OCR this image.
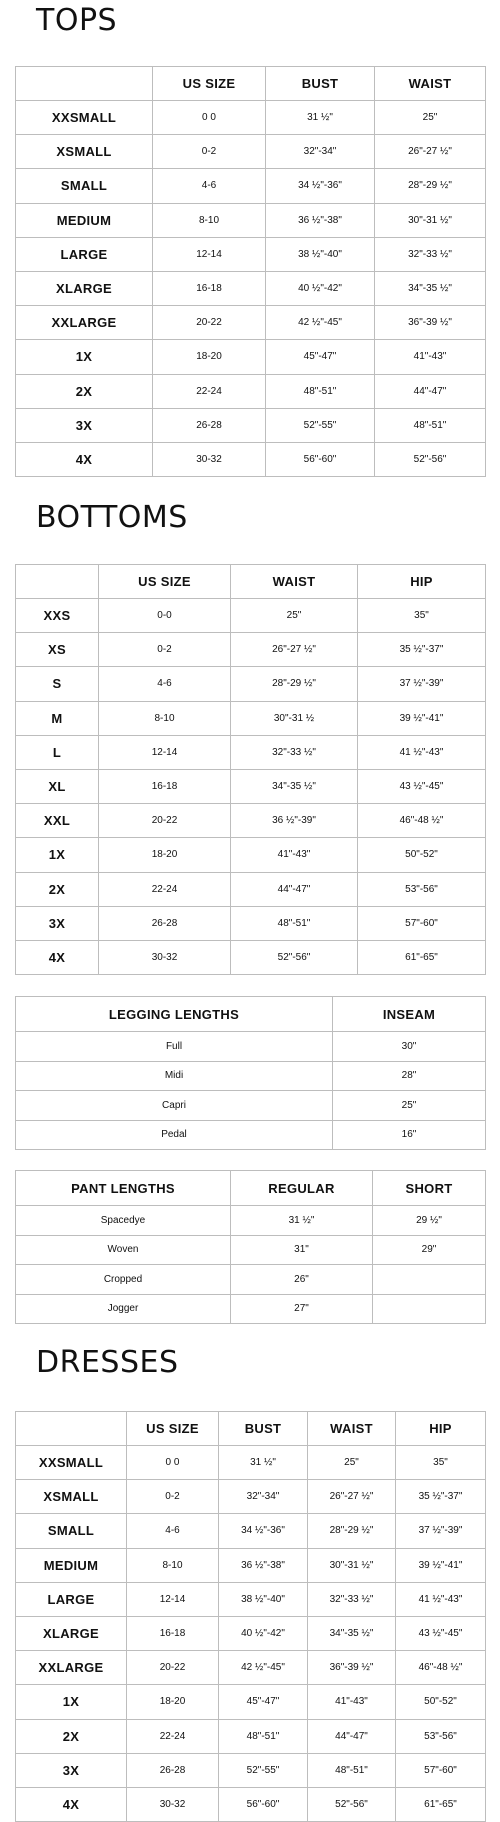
TOPS
	US SIZE	BUST	WAIST
XXSMALL	0 0	31 ½"	25"
XSMALL	0-2	32"-34"	26"-27 ½"
SMALL	4-6	34 ½"-36"	28"-29 ½"
MEDIUM	8-10	36 ½"-38"	30"-31 ½"
LARGE	12-14	38 ½"-40"	32"-33 ½"
XLARGE	16-18	40 ½"-42"	34"-35 ½"
XXLARGE	20-22	42 ½"-45"	36"-39 ½"
1X	18-20	45"-47"	41"-43"
2X	22-24	48"-51"	44"-47"
3X	26-28	52"-55"	48"-51"
4X	30-32	56"-60"	52"-56"
BOTTOMS
	US SIZE	WAIST	HIP
XXS	0-0	25"	35"
XS	0-2	26"-27 ½"	35 ½"-37"
S	4-6	28"-29 ½"	37 ½"-39"
M	8-10	30"-31 ½	39 ½"-41"
L	12-14	32"-33 ½"	41 ½"-43"
XL	16-18	34"-35 ½"	43 ½"-45"
XXL	20-22	36 ½"-39"	46"-48 ½"
1X	18-20	41"-43"	50"-52"
2X	22-24	44"-47"	53"-56"
3X	26-28	48"-51"	57"-60"
4X	30-32	52"-56"	61"-65"
LEGGING LENGTHS	INSEAM
Full	30"
Midi	28"
Capri	25"
Pedal	16"
PANT LENGTHS	REGULAR	SHORT
Spacedye	31 ½"	29 ½"
Woven	31"	29"
Cropped	26"	
Jogger	27"	
DRESSES
	US SIZE	BUST	WAIST	HIP
XXSMALL	0 0	31 ½"	25"	35"
XSMALL	0-2	32"-34"	26"-27 ½"	35 ½"-37"
SMALL	4-6	34 ½"-36"	28"-29 ½"	37 ½"-39"
MEDIUM	8-10	36 ½"-38"	30"-31 ½"	39 ½"-41"
LARGE	12-14	38 ½"-40"	32"-33 ½"	41 ½"-43"
XLARGE	16-18	40 ½"-42"	34"-35 ½"	43 ½"-45"
XXLARGE	20-22	42 ½"-45"	36"-39 ½"	46"-48 ½"
1X	18-20	45"-47"	41"-43"	50"-52"
2X	22-24	48"-51"	44"-47"	53"-56"
3X	26-28	52"-55"	48"-51"	57"-60"
4X	30-32	56"-60"	52"-56"	61"-65"
